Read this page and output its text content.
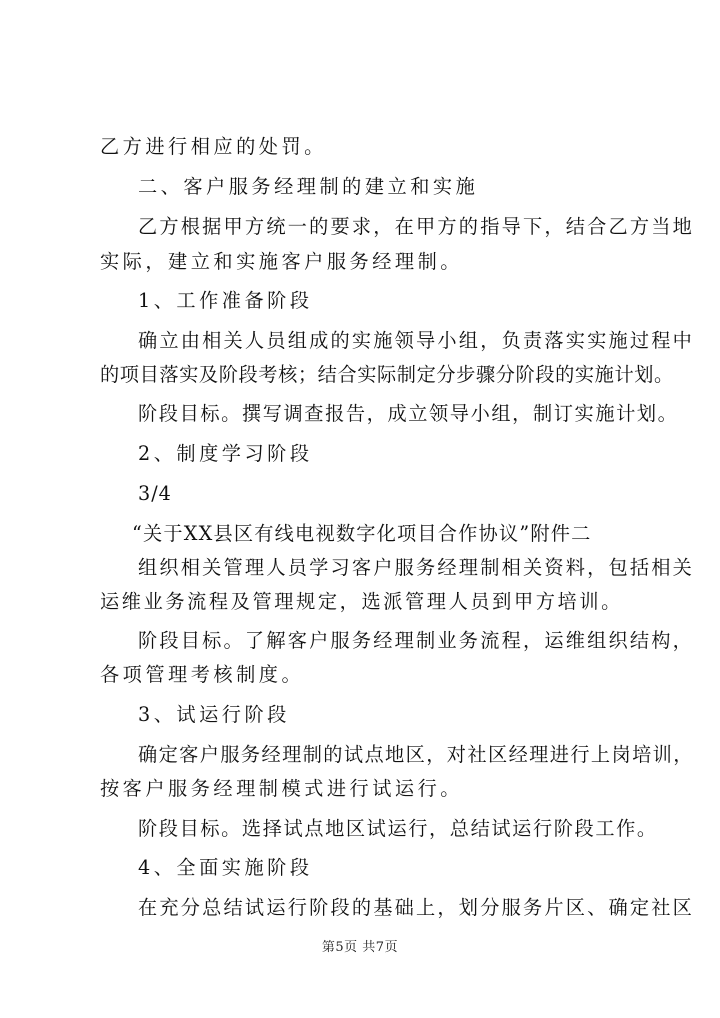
乙方进行相应的处罚。
二、客户服务经理制的建立和实施
乙方根据甲方统一的要求，在甲方的指导下，结合乙方当地
实际，建立和实施客户服务经理制。
1、工作准备阶段
确立由相关人员组成的实施领导小组，负责落实实施过程中
的项目落实及阶段考核；结合实际制定分步骤分阶段的实施计划。
阶段目标。撰写调查报告，成立领导小组，制订实施计划。
2、制度学习阶段
3/4
“关于XX县区有线电视数字化项目合作协议”附件二
组织相关管理人员学习客户服务经理制相关资料，包括相关
运维业务流程及管理规定，选派管理人员到甲方培训。
阶段目标。了解客户服务经理制业务流程，运维组织结构，
各项管理考核制度。
3、试运行阶段
确定客户服务经理制的试点地区，对社区经理进行上岗培训，
按客户服务经理制模式进行试运行。
阶段目标。选择试点地区试运行，总结试运行阶段工作。
4、全面实施阶段
在充分总结试运行阶段的基础上，划分服务片区、确定社区
第5页 共7页
